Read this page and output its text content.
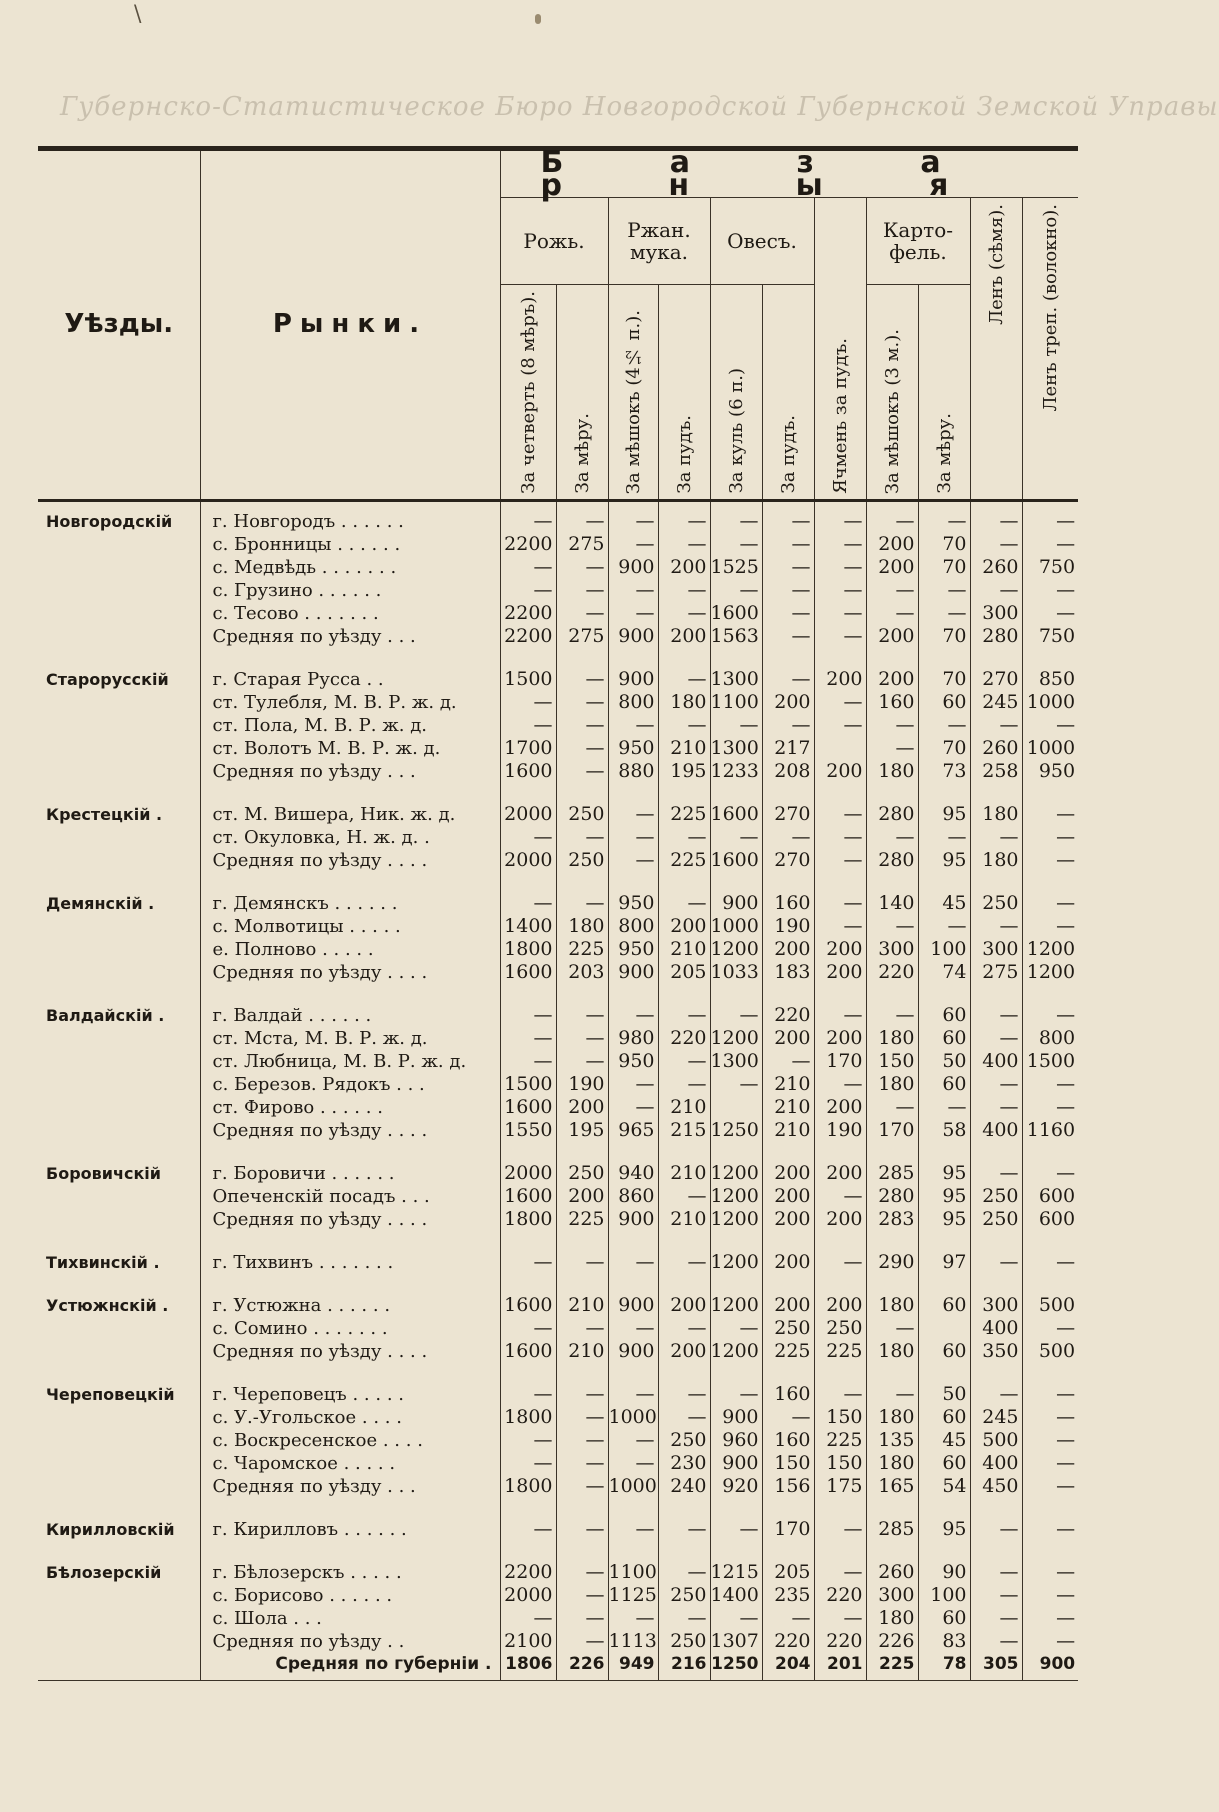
\
Губернско-Статистическое Бюро Новгородской Губернской Земской Управы
Уѣзды.	Рынки.	Б а з а р н ы я										
		Рожь.		Ржан. мука.		Овесъ.		Ячмень за пудъ.	Карто-фель.		Ленъ (сѣмя).	Ленъ треп. (волокно).
		За четверть (8 мѣръ).	За мѣру.	За мѣшокъ (4½ п.).	За пудъ.	За куль (6 п.)	За пудъ.		За мѣшокъ (3 м.).	За мѣру.		

Новгородскій	г. Новгородъ . . . . . .	—	—	—	—	—	—	—	—	—	—	—
	с. Бронницы . . . . . .	2200	275	—	—	—	—	—	200	70	—	—
	с. Медвѣдь . . . . . . .	—	—	900	200	1525	—	—	200	70	260	750
	с. Грузино . . . . . .	—	—	—	—	—	—	—	—	—	—	—
	с. Тесово . . . . . . .	2200	—	—	—	1600	—	—	—	—	300	—
	Средняя по уѣзду . . .	2200	275	900	200	1563	—	—	200	70	280	750

Старорусскій	г. Старая Русса . .	1500	—	900	—	1300	—	200	200	70	270	850
	ст. Тулебля, М. В. Р. ж. д.	—	—	800	180	1100	200	—	160	60	245	1000
	ст. Пола, М. В. Р. ж. д.	—	—	—	—	—	—	—	—	—	—	—
	ст. Волотъ М. В. Р. ж. д.	1700	—	950	210	1300	217		—	70	260	1000
	Средняя по уѣзду . . .	1600	—	880	195	1233	208	200	180	73	258	950

Крестецкій .	ст. М. Вишера, Ник. ж. д.	2000	250	—	225	1600	270	—	280	95	180	—
	ст. Окуловка, Н. ж. д. .	—	—	—	—	—	—	—	—	—	—	—
	Средняя по уѣзду . . . .	2000	250	—	225	1600	270	—	280	95	180	—

Демянскій .	г. Демянскъ . . . . . .	—	—	950	—	900	160	—	140	45	250	—
	с. Молвотицы . . . . .	1400	180	800	200	1000	190	—	—	—	—	—
	е. Полново . . . . .	1800	225	950	210	1200	200	200	300	100	300	1200
	Средняя по уѣзду . . . .	1600	203	900	205	1033	183	200	220	74	275	1200

Валдайскій .	г. Валдай . . . . . .	—	—	—	—	—	220	—	—	60	—	—
	ст. Мста, М. В. Р. ж. д.	—	—	980	220	1200	200	200	180	60	—	800
	ст. Любница, М. В. Р. ж. д.	—	—	950	—	1300	—	170	150	50	400	1500
	с. Березов. Рядокъ . . .	1500	190	—	—	—	210	—	180	60	—	—
	ст. Фирово . . . . . .	1600	200	—	210		210	200	—	—	—	—
	Средняя по уѣзду . . . .	1550	195	965	215	1250	210	190	170	58	400	1160

Боровичскій	г. Боровичи . . . . . .	2000	250	940	210	1200	200	200	285	95	—	—
	Опеченскій посадъ . . .	1600	200	860	—	1200	200	—	280	95	250	600
	Средняя по уѣзду . . . .	1800	225	900	210	1200	200	200	283	95	250	600

Тихвинскій .	г. Тихвинъ . . . . . . .	—	—	—	—	1200	200	—	290	97	—	—

Устюжнскій .	г. Устюжна . . . . . .	1600	210	900	200	1200	200	200	180	60	300	500
	с. Сомино . . . . . . .	—	—	—	—	—	250	250	—		400	—
	Средняя по уѣзду . . . .	1600	210	900	200	1200	225	225	180	60	350	500

Череповецкій	г. Череповецъ . . . . .	—	—	—	—	—	160	—	—	50	—	—
	с. У.-Угольское . . . .	1800	—	1000	—	900	—	150	180	60	245	—
	с. Воскресенское . . . .	—	—	—	250	960	160	225	135	45	500	—
	с. Чаромское . . . . .	—	—	—	230	900	150	150	180	60	400	—
	Средняя по уѣзду . . .	1800	—	1000	240	920	156	175	165	54	450	—

Кирилловскій	г. Кирилловъ . . . . . .	—	—	—	—	—	170	—	285	95	—	—

Бѣлозерскій	г. Бѣлозерскъ . . . . .	2200	—	1100	—	1215	205	—	260	90	—	—
	с. Борисово . . . . . .	2000	—	1125	250	1400	235	220	300	100	—	—
	с. Шола . . .	—	—	—	—	—	—	—	180	60	—	—
	Средняя по уѣзду . .	2100	—	1113	250	1307	220	220	226	83	—	—
	Средняя по губерніи .	1806	226	949	216	1250	204	201	225	78	305	900
